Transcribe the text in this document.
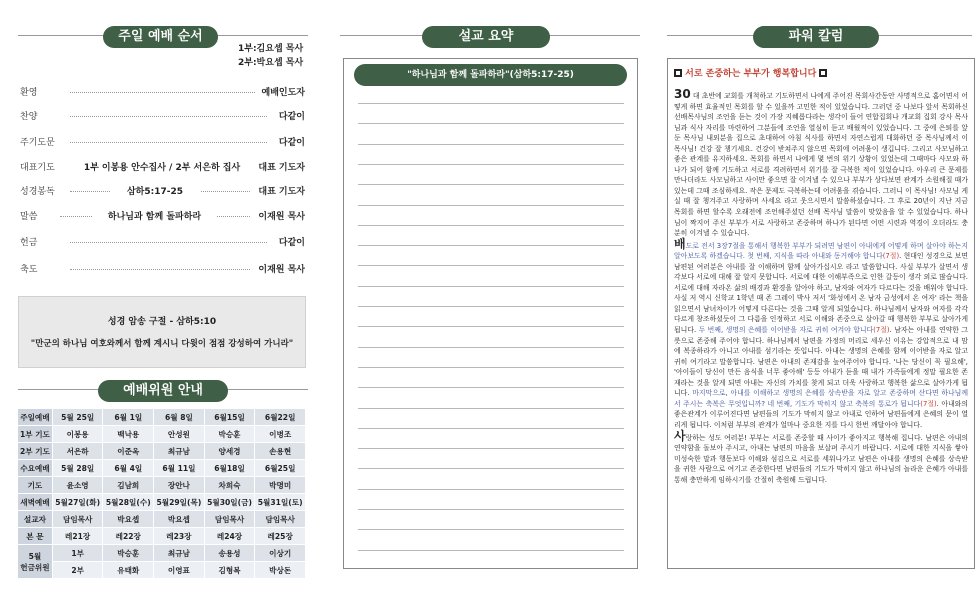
주일 예배 순서
1부:김요셉 목사
2부:박요셉 목사
환영	예배인도자
찬양	다같이
주기도문	다같이
대표기도	1부 이봉용 안수집사 / 2부 서은하 집사	대표 기도자
성경봉독	삼하5:17-25	대표 기도자
말씀	하나님과 함께 돌파하라	이재원 목사
헌금	다같이
축도	이재원 목사
성경 암송 구절 - 삼하5:10
"만군의 하나님 여호와께서 함께 계시니 다윗이 점점 강성하여 가니라"
예배위원 안내
주일예배	5월 25일	6월 1일	6월 8일	6월15일	6월22일
1부 기도	이봉용	백낙용	안성원	박승훈	이병조
2부 기도	서은하	이준옥	최규남	양세경	손용현
수요예배	5월 28일	6월 4일	6월 11일	6월18일	6월25일
기도	윤소영	김남희	장안나	차희숙	박명미
새벽예배	5월27일(화)	5월28일(수)	5월29일(목)	5월30일(금)	5월31일(토)
설교자	담임목사	박요셉	박요셉	담임목사	담임목사
본 문	레21장	레22장	레23장	레24장	레25장
5월
헌금위원	1부	박승훈	최규남	송용성	이상기
	2부	유태화	이영표	김형복	박상돈
설교 요약
"하나님과 함께 돌파하라"(삼하5:17-25)
파워 칼럼
서로 존중하는 부부가 행복합니다

30 대 초반에 교회를 개척하고 기도하면서 나에게 주어진 목회사간동안 사명적으로 홈어면서 어떻게 하면 효율적인 목회를 할 수 있을까 고민한 적이 있었습니다. 그러던 중 나보다 앞서 목회하신 선배목사님의 조언을 듣는 것이 가장 지혜롭다라는 생각이 들어 연합집회나 개교회 집회 강사 목사님과 식사 자리를 마련하여 그분들에 조언을 열심히 듣고 배웠적이 있었습니다. 그 중에 은퇴를 앞둔 목사님 내외분을 집으로 초대하여 아침 식사를 하면서 자연스럽게 대화하던 중 목사님께서 이 목사님! 건강 잘 챙기세요. 건강이 받쳐주지 않으면 목회에 어려움이 생깁니다. 그리고 사모님하고 좋은 관계를 유지하세요. 목회를 하면서 나에게 몇 번의 위기 상황이 있었는데 그때마다 사모와 하나가 되어 함께 기도하고 서로를 격려하면서 위기를 잘 극복한 적이 있었습니다. 아우리 큰 문제를 만나더라도 사모님하고 사이만 좋으면 잘 이겨낼 수 있으나 부부가 상다보면 관계가 소원해질 때가 있는데 그때 조심하세요. 작은 문제도 극복하는데 어려움을 겪습니다. 그러니 이 목사님! 사모님 게실 때 잘 챙겨주고 사랑하며 사세요 라고 웃으시면서 말씀하셨습니다. 그 후로 20년이 지난 지금 목회를 하면 할수록 오래전에 조언해주셨던 선배 목사님 말씀이 맞았음을 알 수 있었습니다. 하나님이 짝지어 주신 부부가 서로 사랑하고 존중하며 하나가 된다면 어떤 시련과 역경이 오더라도 충분히 이겨낼 수 있습니다.

배도로 전서 3장7절을 통해서 행복한 부부가 되려면 남편이 아내에게 어떻게 하며 살아야 하는지 알아보도록 하겠습니다. 첫 번째, 지식을 따라 아내와 동거해야 합니다(7절). 현대인 성경으로 보면 남편된 여러분은 아내를 잘 이해하며 함께 살아가십시오 라고 말씀합니다. 사실 부부가 살면서 생각보다 서로에 대해 잘 알지 못합니다. 서로에 대한 이해부족으로 인한 갈등이 생각 외로 많습니다. 서로에 대해 자라온 삶의 배경과 환경을 알아야 하고, 남자와 여자가 다르다는 것을 배워야 합니다. 사실 저 역시 신학교 1학년 때 존 그레이 박사 저서 '화성에서 온 남자 금성에서 온 여자' 라는 책을 읽으면서 남녀차이가 어떻게 다른다는 것을 그때 알게 되었습니다. 하나님께서 남자와 여자를 각각 다르게 창조하셨듯이 그 다름을 인정하고 서로 이해와 존중으로 살아갈 때 행복한 부부로 살아가게 됩니다. 두 번째, 생명의 은혜를 이어받을 자로 귀히 여겨야 합니다(7절). 남자는 아내를 연약한 그릇으로 존중해 주어야 합니다. 하나님께서 남편을 가정의 머리로 세우신 이유는 강압적으로 내 맘에 복종하라가 아니고 아내를 섬기라는 뜻입니다. 아내는 생명의 은혜를 함께 이어받을 자로 알고 귀히 여기라고 말씀합니다. 남편은 아내의 존재감을 높여주어야 합니다. '나는 당신이 꼭 필요해', '아이들이 당신이 만든 음식을 너무 좋아해' 등등 아내가 듣을 때 내가 가족들에게 정말 필요한 존재라는 것을 알게 되면 아내는 자신의 가치를 찾게 되고 더욱 사랑하고 행복한 삶으로 살아가게 됩니다. 마지막으로, 아내를 이해하고 생명의 은혜를 상속받을 자로 알고 존중하며 산다면 하나님께서 주시는 축복은 무엇입니까? 네 번째, 기도가 막히지 않고 축복의 통로가 됩니다(7절). 아내와의 좋은관계가 이루어진다면 남편들의 기도가 막히지 않고 아내로 인하여 남편들에게 은혜의 문이 열리게 됩니다. 이처럼 부부의 관계가 얼마나 중요한 지를 다시 한번 깨달아야 합니다.

사랑하는 성도 여러분! 부부는 서로를 존중할 때 사이가 좋아지고 행복해 집니다. 남편은 아내의 연약함을 돌보아 주시고, 아내는 남편의 마음을 보살펴 주시기 바랍니다. 서로에 대한 지식을 쌓아 미성숙한 말과 행동보다 이해와 섬김으로 서로를 세워나가고 남편은 아내를 생명의 은혜를 상속받을 귀한 사람으로 여기고 존중한다면 남편들의 기도가 막히지 않고 하나님의 놀라운 은혜가 아내를 통해 충만하게 임하시기를 간절히 축원해 드립니다.
